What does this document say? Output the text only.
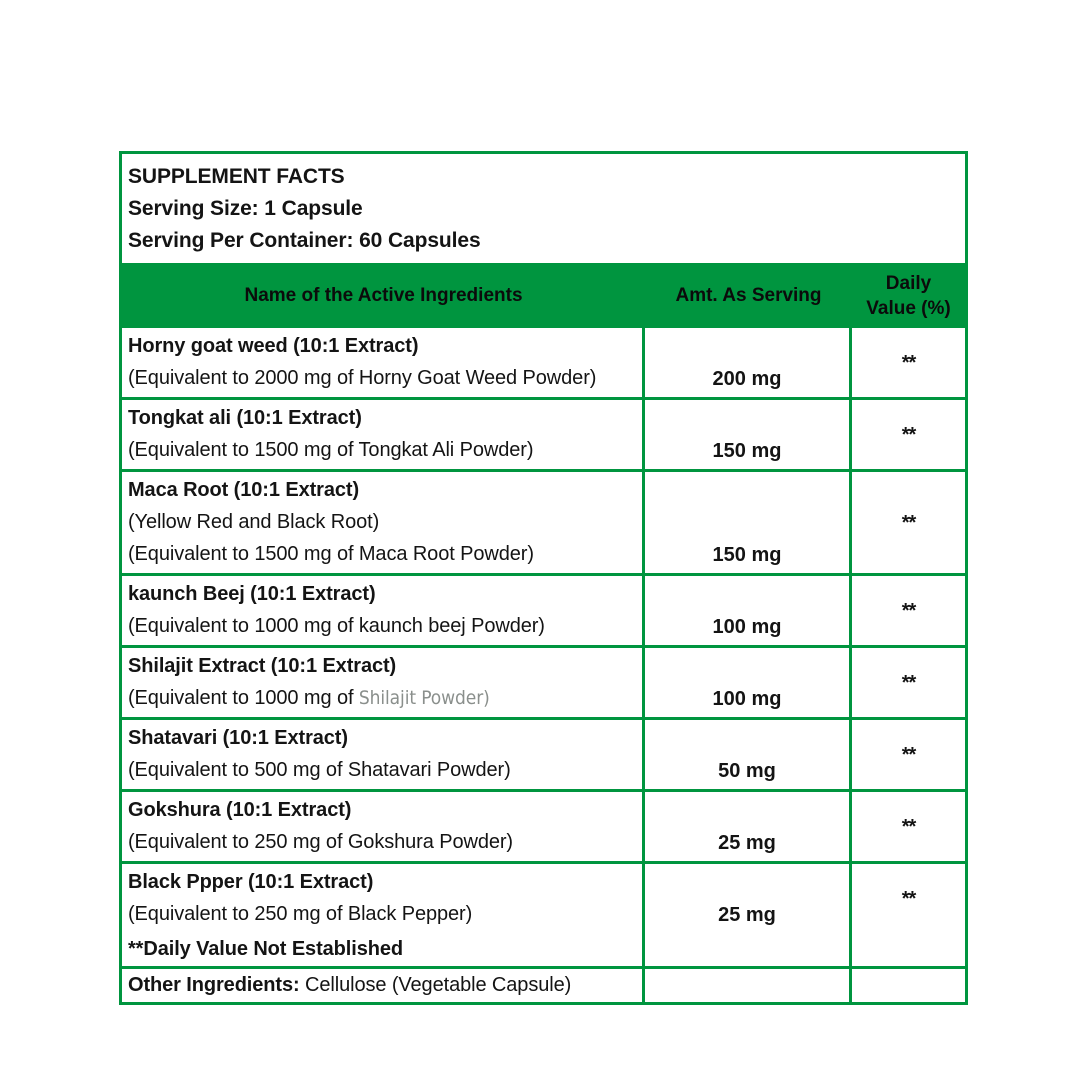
SUPPLEMENT FACTS
Serving Size: 1 Capsule
Serving Per Container: 60 Capsules
Name of the Active Ingredients	Amt. As Serving
Daily
Value (%)
Horny goat weed (10:1 Extract)
(Equivalent to 2000 mg of Horny Goat Weed Powder)	200 mg
**
Tongkat ali (10:1 Extract)
(Equivalent to 1500 mg of Tongkat Ali Powder)	150 mg
**
Maca Root (10:1 Extract)
(Yellow Red and Black Root)
(Equivalent to 1500 mg of Maca Root Powder)	150 mg
**
kaunch Beej (10:1 Extract)
(Equivalent to 1000 mg of kaunch beej Powder)	100 mg
**
Shilajit Extract (10:1 Extract)
(Equivalent to 1000 mg of Shilajit Powder)	100 mg
**
Shatavari (10:1 Extract)
(Equivalent to 500 mg of Shatavari Powder)	50 mg
**
Gokshura (10:1 Extract)
(Equivalent to 250 mg of Gokshura Powder)	25 mg
**
Black Ppper (10:1 Extract)
(Equivalent to 250 mg of Black Pepper)	25 mg
**
**Daily Value Not Established
Other Ingredients: Cellulose (Vegetable Capsule)
